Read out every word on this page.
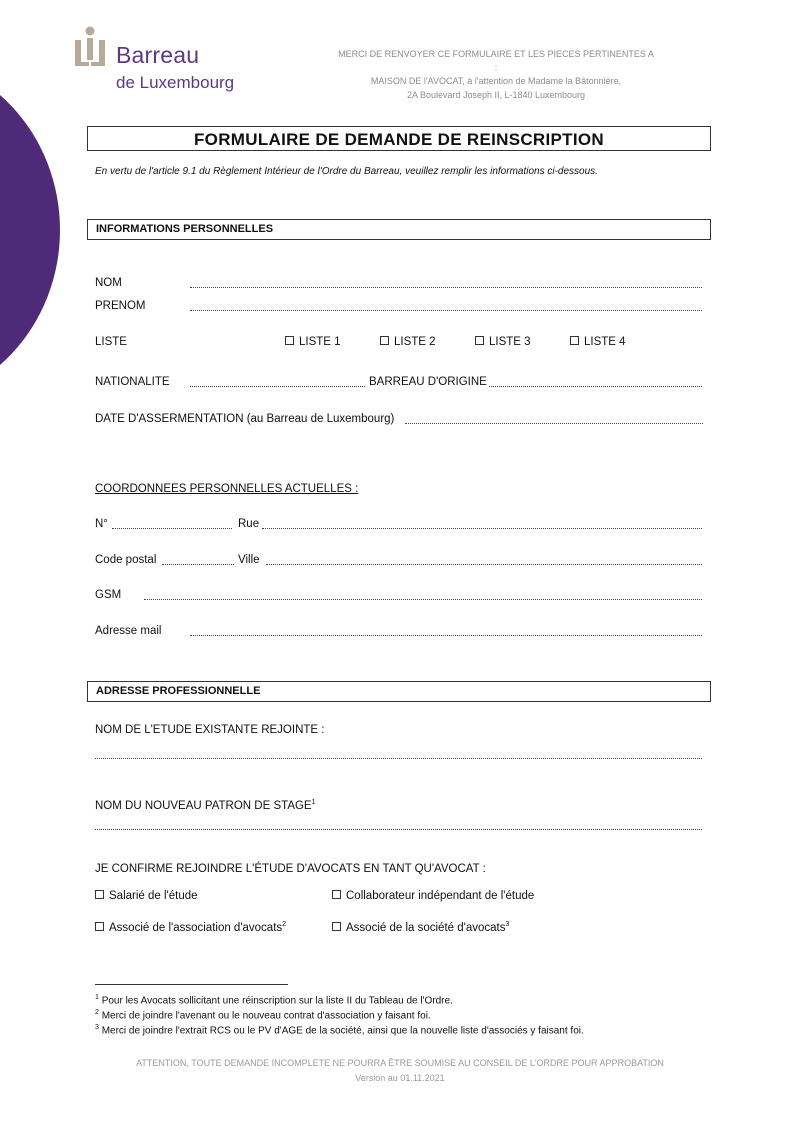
Barreau
de Luxembourg
MERCI DE RENVOYER CE FORMULAIRE ET LES PIECES PERTINENTES A :
MAISON DE l'AVOCAT, à l'attention de Madame la Bâtonnière,
2A Boulevard Joseph II, L-1840 Luxembourg
FORMULAIRE DE DEMANDE DE REINSCRIPTION
En vertu de l'article 9.1 du Règlement Intérieur de l'Ordre du Barreau, veuillez remplir les informations ci-dessous.
INFORMATIONS PERSONNELLES
NOM
PRENOM
LISTE	LISTE 1	LISTE 2	LISTE 3	LISTE 4
NATIONALITE	BARREAU D'ORIGINE
DATE D'ASSERMENTATION (au Barreau de Luxembourg)
COORDONNEES PERSONNELLES ACTUELLES :
N°	Rue
Code postal	Ville
GSM
Adresse mail
ADRESSE PROFESSIONNELLE
NOM DE L'ETUDE EXISTANTE REJOINTE :
NOM DU NOUVEAU PATRON DE STAGE$^1$
JE CONFIRME REJOINDRE L'ÉTUDE D'AVOCATS EN TANT QU'AVOCAT :
Salarié de l'étude	Collaborateur indépendant de l'étude
Associé de l'association d'avocats$^2$	Associé de la société d'avocats$^3$
$^1$ Pour les Avocats sollicitant une réinscription sur la liste II du Tableau de l'Ordre.
$^2$ Merci de joindre l'avenant ou le nouveau contrat d'association y faisant foi.
$^3$ Merci de joindre l'extrait RCS ou le PV d'AGE de la société, ainsi que la nouvelle liste d'associés y faisant foi.
ATTENTION, TOUTE DEMANDE INCOMPLETE NE POURRA ÊTRE SOUMISE AU CONSEIL DE L'ORDRE POUR APPROBATION
Version au 01.11.2021
